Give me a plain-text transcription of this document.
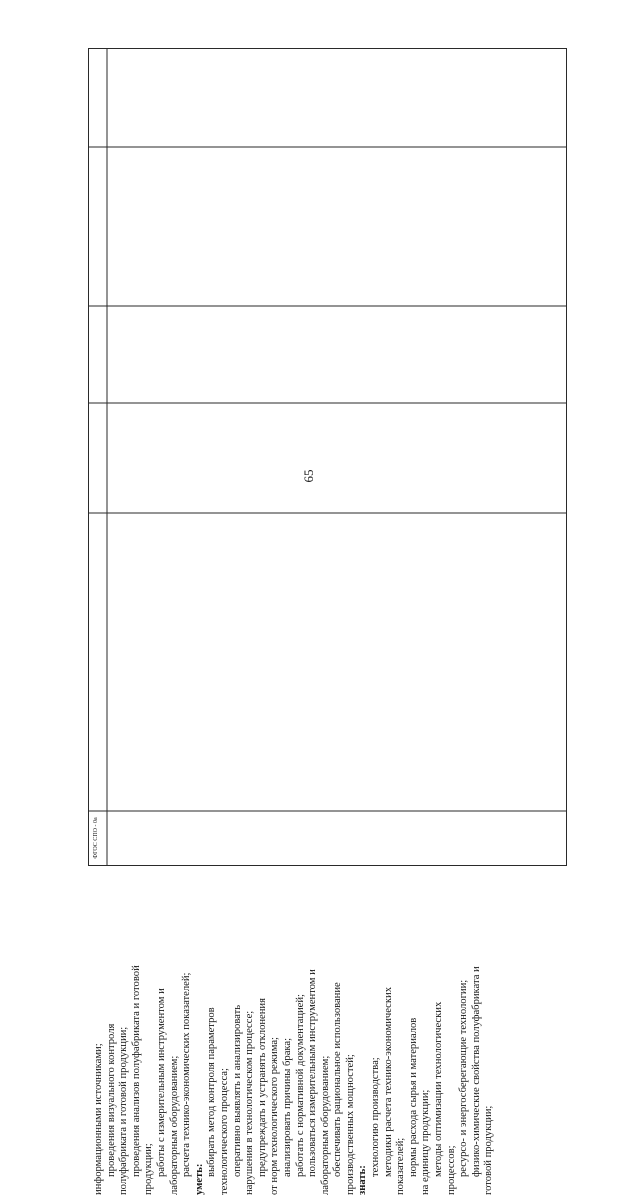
65
ФГОС СПО - 0а
информационными источниками; проведения визуального контроля полуфабриката и готовой продукции; проведения анализов полуфабриката и готовой продукции; работы с измерительным инструментом и лабораторным оборудованием; расчета технико-экономических показателей;
уметь:
выбирать метод контроля параметров технологического процесса; оперативно выявлять и анализировать нарушения в технологическом процессе; предупреждать и устранять отклонения от норм технологического режима; анализировать причины брака; работать с нормативной документацией; пользоваться измерительным инструментом и лабораторным оборудованием; обеспечивать рациональное использование производственных мощностей; знать:
технологию производства; методики расчета технико-экономических показателей; нормы расхода сырья и материалов на единицу продукции; методы оптимизации технологических процессов; ресурсо- и энергосберегающие технологии; физико-химические свойства полуфабриката и готовой продукции;
